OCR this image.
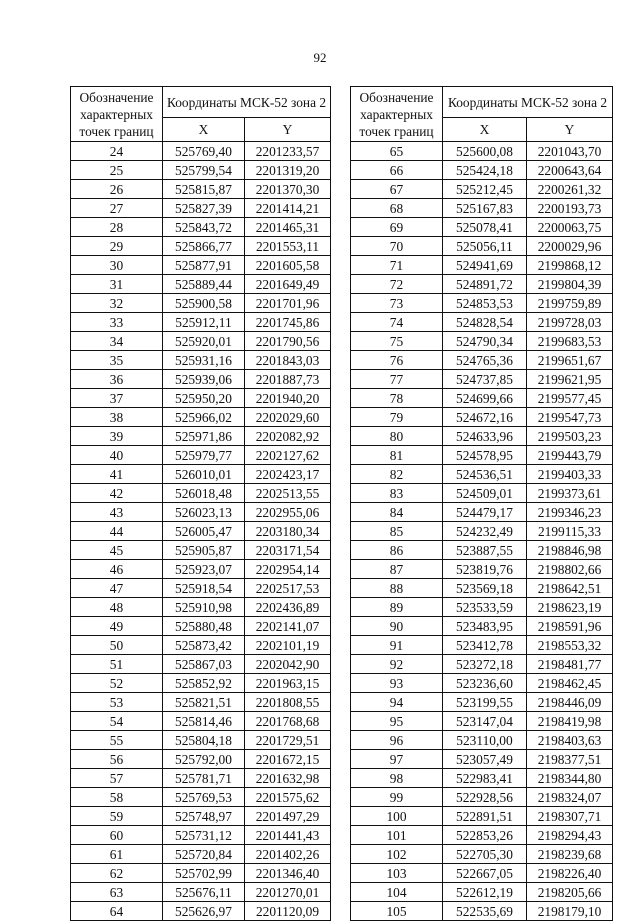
92
Обозначение характерных точек границ	Координаты МСК-52 зона 2	
	X	Y
24	525769,40	2201233,57
25	525799,54	2201319,20
26	525815,87	2201370,30
27	525827,39	2201414,21
28	525843,72	2201465,31
29	525866,77	2201553,11
30	525877,91	2201605,58
31	525889,44	2201649,49
32	525900,58	2201701,96
33	525912,11	2201745,86
34	525920,01	2201790,56
35	525931,16	2201843,03
36	525939,06	2201887,73
37	525950,20	2201940,20
38	525966,02	2202029,60
39	525971,86	2202082,92
40	525979,77	2202127,62
41	526010,01	2202423,17
42	526018,48	2202513,55
43	526023,13	2202955,06
44	526005,47	2203180,34
45	525905,87	2203171,54
46	525923,07	2202954,14
47	525918,54	2202517,53
48	525910,98	2202436,89
49	525880,48	2202141,07
50	525873,42	2202101,19
51	525867,03	2202042,90
52	525852,92	2201963,15
53	525821,51	2201808,55
54	525814,46	2201768,68
55	525804,18	2201729,51
56	525792,00	2201672,15
57	525781,71	2201632,98
58	525769,53	2201575,62
59	525748,97	2201497,29
60	525731,12	2201441,43
61	525720,84	2201402,26
62	525702,99	2201346,40
63	525676,11	2201270,01
64	525626,97	2201120,09
Обозначение характерных точек границ	Координаты МСК-52 зона 2	
	X	Y
65	525600,08	2201043,70
66	525424,18	2200643,64
67	525212,45	2200261,32
68	525167,83	2200193,73
69	525078,41	2200063,75
70	525056,11	2200029,96
71	524941,69	2199868,12
72	524891,72	2199804,39
73	524853,53	2199759,89
74	524828,54	2199728,03
75	524790,34	2199683,53
76	524765,36	2199651,67
77	524737,85	2199621,95
78	524699,66	2199577,45
79	524672,16	2199547,73
80	524633,96	2199503,23
81	524578,95	2199443,79
82	524536,51	2199403,33
83	524509,01	2199373,61
84	524479,17	2199346,23
85	524232,49	2199115,33
86	523887,55	2198846,98
87	523819,76	2198802,66
88	523569,18	2198642,51
89	523533,59	2198623,19
90	523483,95	2198591,96
91	523412,78	2198553,32
92	523272,18	2198481,77
93	523236,60	2198462,45
94	523199,55	2198446,09
95	523147,04	2198419,98
96	523110,00	2198403,63
97	523057,49	2198377,51
98	522983,41	2198344,80
99	522928,56	2198324,07
100	522891,51	2198307,71
101	522853,26	2198294,43
102	522705,30	2198239,68
103	522667,05	2198226,40
104	522612,19	2198205,66
105	522535,69	2198179,10
